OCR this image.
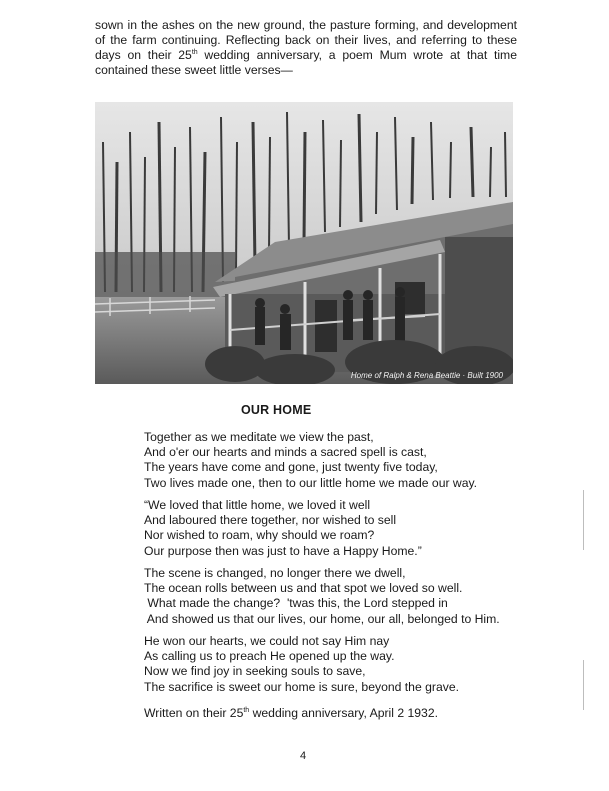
sown in the ashes on the new ground, the pasture forming, and development of the farm continuing. Reflecting back on their lives, and referring to these days on their 25th wedding anniversary, a poem Mum wrote at that time contained these sweet little verses—

Home of Ralph & Rena Beattie · Built 1900
OUR HOME
Together as we meditate we view the past,
And o'er our hearts and minds a sacred spell is cast,
The years have come and gone, just twenty five today,
Two lives made one, then to our little home we made our way.
“We loved that little home, we loved it well
And laboured there together, nor wished to sell
Nor wished to roam, why should we roam?
Our purpose then was just to have a Happy Home.”
The scene is changed, no longer there we dwell,
The ocean rolls between us and that spot we loved so well.
What made the change?  'twas this, the Lord stepped in
And showed us that our lives, our home, our all, belonged to Him.
He won our hearts, we could not say Him nay
As calling us to preach He opened up the way.
Now we find joy in seeking souls to save,
The sacrifice is sweet our home is sure, beyond the grave.
Written on their 25th wedding anniversary, April 2 1932.
4
